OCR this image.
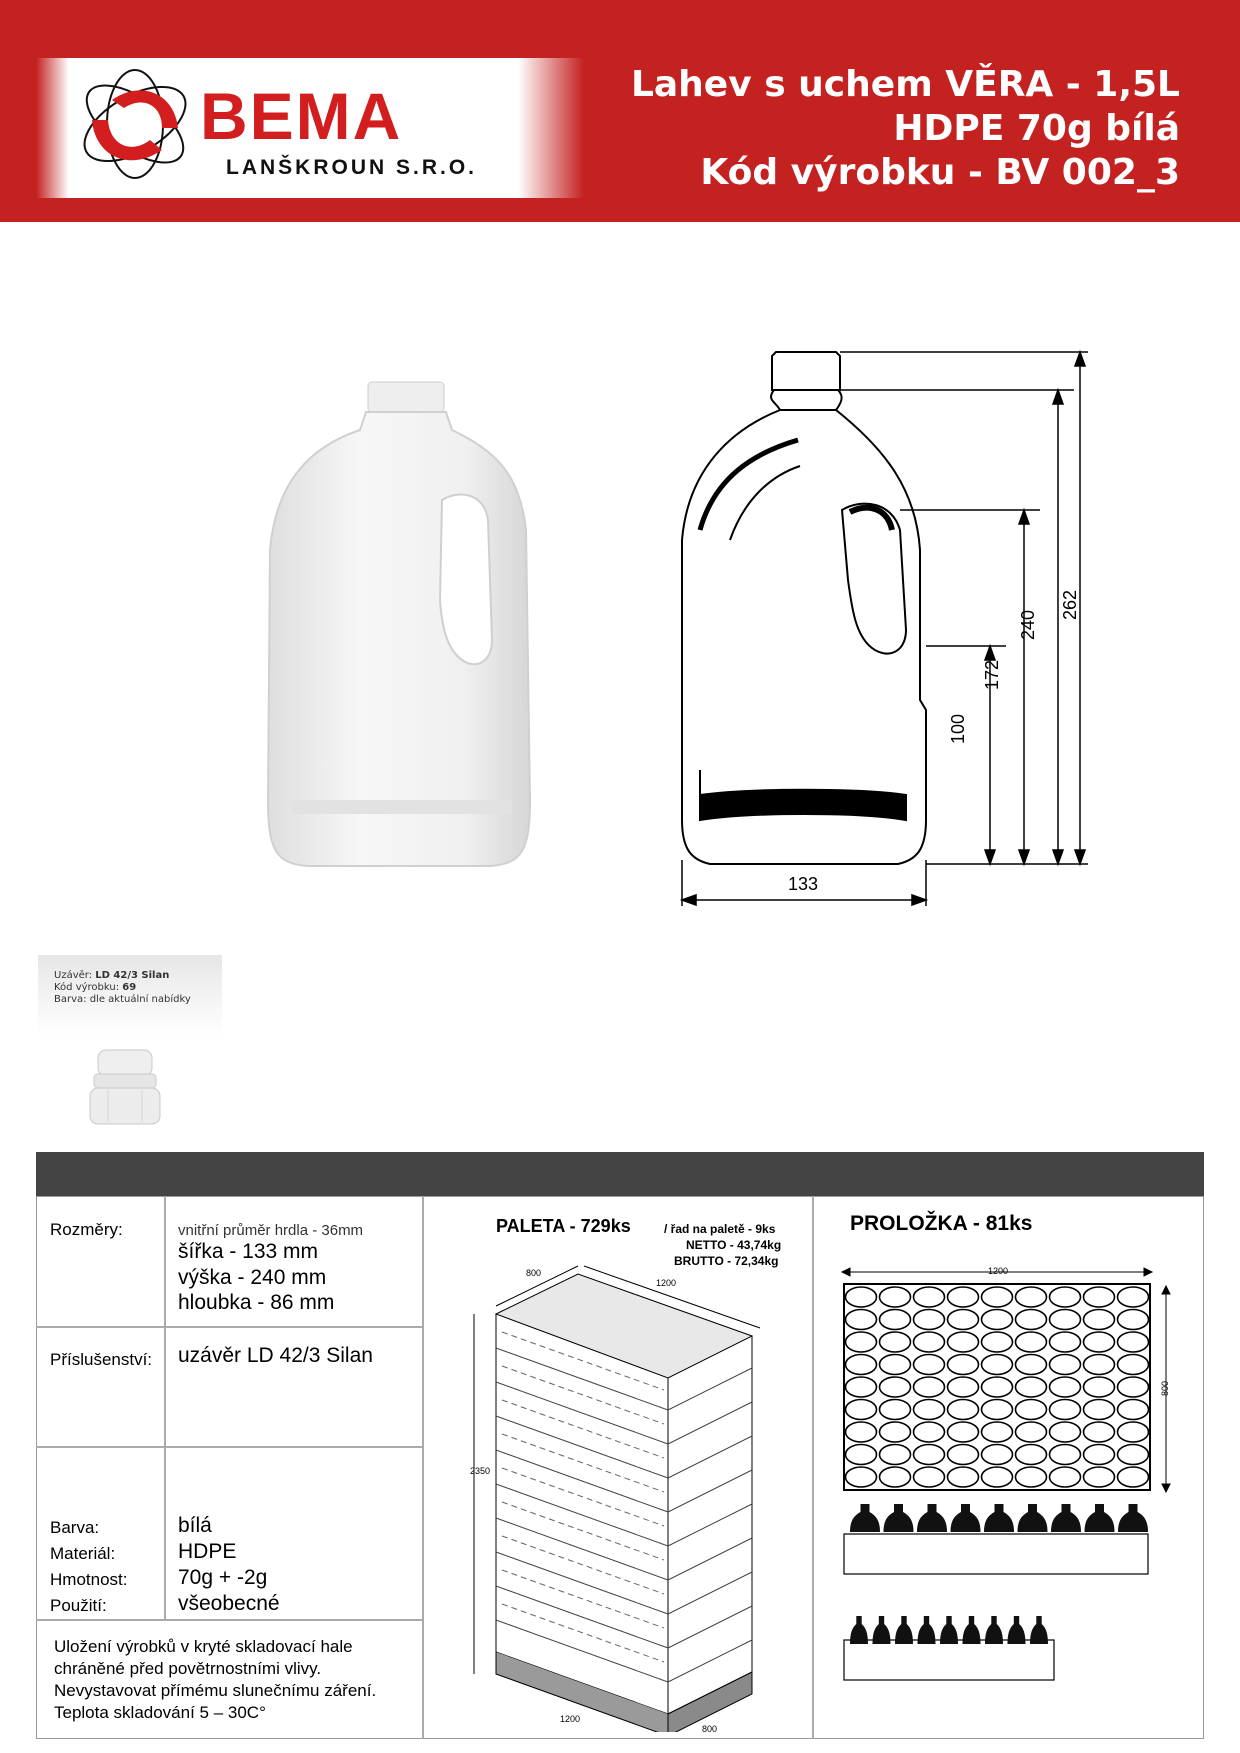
BEMA
LANŠKROUN S.R.O.
Lahev s uchem VĚRA - 1,5L
HDPE 70g bílá
Kód výrobku - BV 002_3
133
100
172
240
262
Uzávěr: LD 42/3 Silan
Kód výrobku: 69
Barva: dle aktuální nabídky
Rozměry:	vnitřní průměr hrdla - 36mm
šířka - 133 mm
výška - 240 mm
hloubka - 86 mm
Příslušenství: uzávěr LD 42/3 Silan
Barva:	bílá
Materiál:	HDPE
Hmotnost: 70g + -2g
Použití:	všeobecné
Uložení výrobků v kryté skladovací hale
chráněné před povětrnostními vlivy.
Nevystavovat přímému slunečnímu záření.
Teplota skladování 5 – 30C°
PALETA - 729ks	/ řad na paletě - 9ks
NETTO - 43,74kg
BRUTTO - 72,34kg
800
1200
2350
1200
800
PROLOŽKA - 81ks
1200
800
